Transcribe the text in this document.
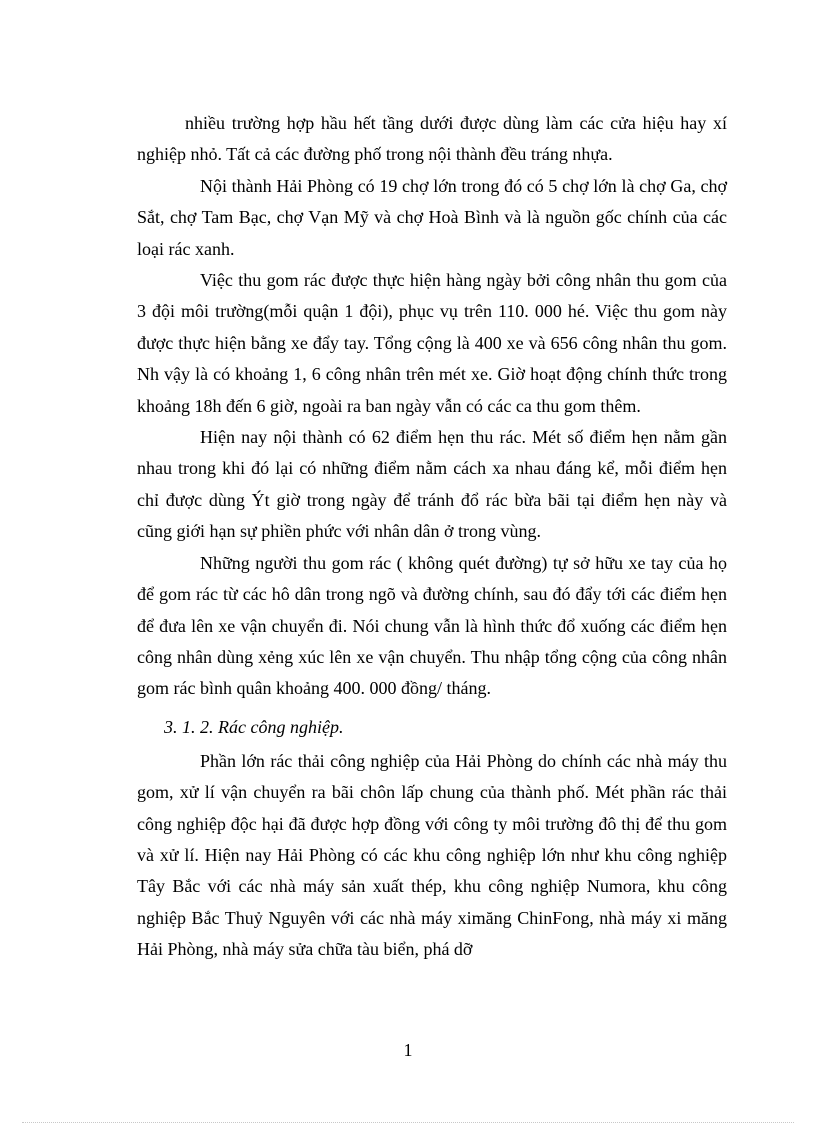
nhiều trường hợp hầu hết tầng dưới được dùng làm các cửa hiệu hay xí nghiệp nhỏ. Tất cả các đường phố trong nội thành đều tráng nhựa.

Nội thành Hải Phòng có 19 chợ lớn trong đó có 5 chợ lớn là chợ Ga, chợ Sắt, chợ Tam Bạc, chợ Vạn Mỹ và chợ Hoà Bình và là nguồn gốc chính của các loại rác xanh.

Việc thu gom rác được thực hiện hàng ngày bởi công nhân thu gom của 3 đội môi trường(mỗi quận 1 đội), phục vụ trên 110. 000 hé. Việc thu gom này được thực hiện bằng xe đẩy tay. Tổng cộng là 400 xe và 656 công nhân thu gom. Nh vậy là có khoảng 1, 6 công nhân trên mét xe. Giờ hoạt động chính thức trong khoảng 18h đến 6 giờ, ngoài ra ban ngày vẫn có các ca thu gom thêm.

Hiện nay nội thành có 62 điểm hẹn thu rác. Mét số điểm hẹn nằm gần nhau trong khi đó lại có những điểm nằm cách xa nhau đáng kể, mỗi điểm hẹn chỉ được dùng Ýt giờ trong ngày để tránh đổ rác bừa bãi tại điểm hẹn này và cũng giới hạn sự phiền phức với nhân dân ở trong vùng.

Những người thu gom rác ( không quét đường) tự sở hữu xe tay của họ để gom rác từ các hô dân trong ngõ và đường chính, sau đó đẩy tới các điểm hẹn để đưa lên xe vận chuyển đi. Nói chung vẫn là hình thức đổ xuống các điểm hẹn công nhân dùng xẻng xúc lên xe vận chuyển. Thu nhập tổng cộng của công nhân gom rác bình quân khoảng 400. 000 đồng/ tháng.

3. 1. 2. Rác công nghiệp.

Phần lớn rác thải công nghiệp của Hải Phòng do chính các nhà máy thu gom, xử lí vận chuyển ra bãi chôn lấp chung của thành phố. Mét phần rác thải công nghiệp độc hại đã được hợp đồng với công ty môi trường đô thị để thu gom và xử lí. Hiện nay Hải Phòng có các khu công nghiệp lớn như khu công nghiệp Tây Bắc với các nhà máy sản xuất thép, khu công nghiệp Numora, khu công nghiệp Bắc Thuỷ Nguyên với các nhà máy ximăng ChinFong, nhà máy xi măng Hải Phòng, nhà máy sửa chữa tàu biển, phá dỡ

1
